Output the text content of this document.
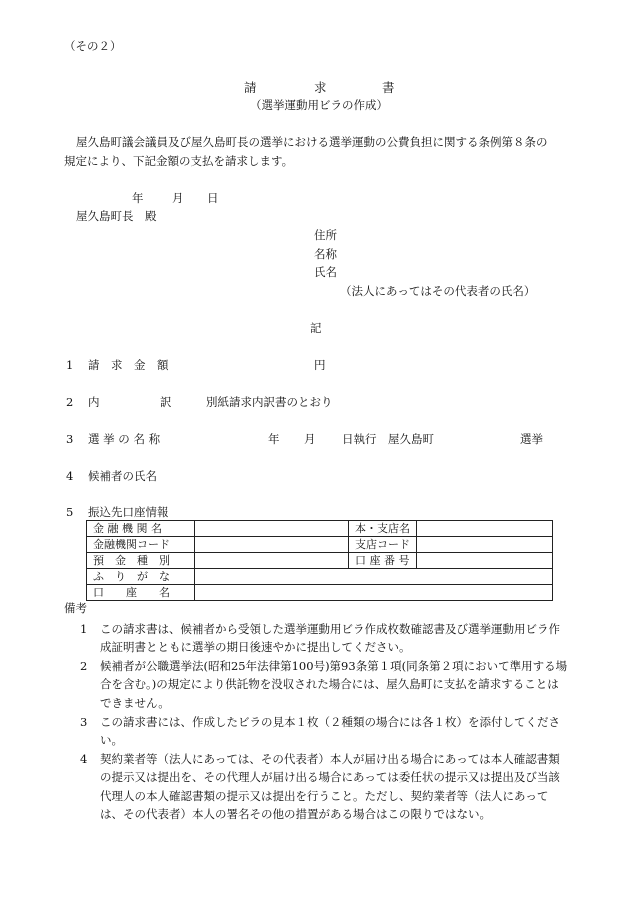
（その２）
請	求	書
（選挙運動用ビラの作成）
屋久島町議会議員及び屋久島町長の選挙における選挙運動の公費負担に関する条例第８条の
規定により、下記金額の支払を請求します。
年 月 日
屋久島町長　殿
住所
名称
氏名
（法人にあってはその代表者の氏名）
記
1 請　求　金　額	円
2 内	訳	別紙請求内訳書のとおり
3 選 挙 の 名 称	年 月 日執行　屋久島町	選挙
4 候補者の氏名
5 振込先口座情報
金 融 機 関 名		本・支店名	
金融機関コード		支店コード	
預　金　種　別		口 座 番 号	
ふ　り　が　な			
口　　座　　名			
備考
1 この請求書は、候補者から受領した選挙運動用ビラ作成枚数確認書及び選挙運動用ビラ作成証明書とともに選挙の期日後速やかに提出してください。
2 候補者が公職選挙法(昭和25年法律第100号)第93条第１項(同条第２項において準用する場合を含む。)の規定により供託物を没収された場合には、屋久島町に支払を請求することはできません。
3 この請求書には、作成したビラの見本１枚（２種類の場合には各１枚）を添付してください。
4 契約業者等（法人にあっては、その代表者）本人が届け出る場合にあっては本人確認書類の提示又は提出を、その代理人が届け出る場合にあっては委任状の提示又は提出及び当該代理人の本人確認書類の提示又は提出を行うこと。ただし、契約業者等（法人にあっては、その代表者）本人の署名その他の措置がある場合はこの限りではない。
